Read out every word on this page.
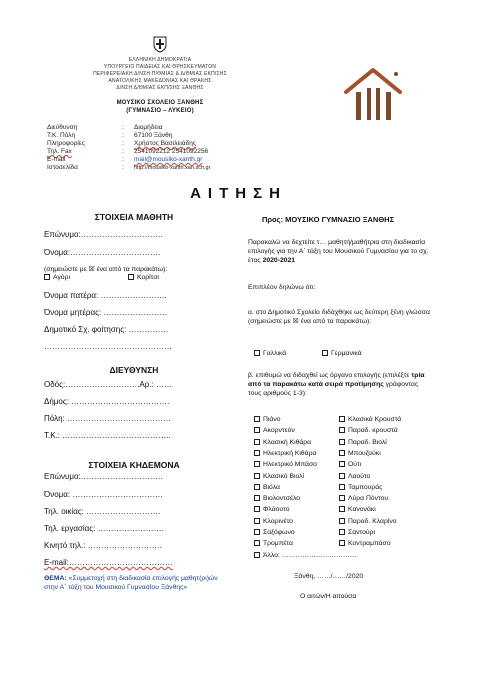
ΕΛΛΗΝΙΚΗ ΔΗΜΟΚΡΑΤΙΑ
ΥΠΟΥΡΓΕΙΟ ΠΑΙΔΕΙΑΣ ΚΑΙ ΘΡΗΣΚΕΥΜΑΤΩΝ
ΠΕΡΙΦΕΡΕΙΑΚΗ Δ/ΝΣΗ Π/ΘΜΙΑΣ & Δ/ΘΜΙΑΣ ΕΚΠ/ΣΗΣ
ΑΝΑΤΟΛΙΚΗΣ ΜΑΚΕΔΟΝΙΑΣ ΚΑΙ ΘΡΑΚΗΣ
Δ/ΝΣΗ Δ/ΘΜΙΑΣ ΕΚΠ/ΣΗΣ ΞΑΝΘΗΣ
ΜΟΥΣΙΚΟ ΣΧΟΛΕΙΟ ΞΑΝΘΗΣ
(ΓΥΜΝΑΣΙΟ – ΛΥΚΕΙΟ)
Διεύθυνση	: Διομήδεια
Τ.Κ. Πόλη	: 67100 Ξάνθη
Πληροφορίες	: Χρήστος Βασιλειάδης
Τηλ. Fax	: 2541092212 2541092256
E-mail	: mail@mousiko-xanth.gr
Ιστοσελίδα	: http://mousiko-xanth.xan.sch.gr
ΑΙΤΗΣΗ
ΣΤΟΙΧΕΙΑ ΜΑΘΗΤΗ
Επώνυμο:………………………….
Όνομα:…………………………….
(σημειώστε με ☒ ένα από τα παρακάτω):
Αγόρι	Κορίτσι
Όνομα πατέρα: …………………….
Όνομα μητέρας: ……………………
Δημοτικό Σχ. φοίτησης: ……………
…………………………………………
ΔΙΕΥΘΥΝΣΗ
Οδός:……………………….Αρ.: ……
Δήμος: ……………………………….
Πόλη: …………………………………
Τ.Κ.: …………………………………..
ΣΤΟΙΧΕΙΑ ΚΗΔΕΜΟΝΑ
Επώνυμο:………………………….
Όνομα: …………………………….
Τηλ. οικίας: ……………………….
Τηλ. εργασίας: …………………….
Κινητό τηλ.: ……………………….
E-mail:…………………………………
ΘΕΜΑ: «Συμμετοχή στη διαδικασία επιλογής μαθητ(ρι)ών στην Α΄ τάξη του Μουσικού Γυμνασίου Ξάνθης»
Προς: ΜΟΥΣΙΚΟ ΓΥΜΝΑΣΙΟ ΞΑΝΘΗΣ
Παρακαλώ να δεχτείτε τ… μαθητή/μαθήτρια στη διαδικασία επιλογής για την Α΄ τάξη του Μουσικού Γυμνασίου για το σχ. έτος 2020-2021
Επιπλέον δηλώνω ότι:
α. στο Δημοτικό Σχολείο διδάχθηκε ως δεύτερη ξένη γλώσσα (σημειώστε με ☒ ένα από τα παρακάτω):
Γαλλικά	Γερμανικά
β. επιθυμώ να διδαχθεί ως όργανο επιλογής (επιλέξτε τρία από τα παρακάτω κατά σειρά προτίμησης γράφοντας τους αριθμούς 1-3):
Πιάνο
Ακορντεόν
Κλασική Κιθάρα
Ηλεκτρική Κιθάρα
Ηλεκτρικό Μπάσο
Κλασικό Βιολί
Βιόλα
Βιολοντσέλο
Φλάουτο
Κλαρινέτο
Σαξόφωνο
Τρομπέτα
Άλλο: ……………………………
Κλασικά Κρουστά
Παραδ. κρουστά
Παραδ. Βιολί
Μπουζούκι
Ούτι
Λαούτο
Ταμπουράς
Λύρα Πόντου
Κανονάκι
Παραδ. Κλαρίνο
Σαντούρι
Κοντραμπάσο
Ξάνθη, ……/……/2020
Ο αιτών/Η αιτούσα
